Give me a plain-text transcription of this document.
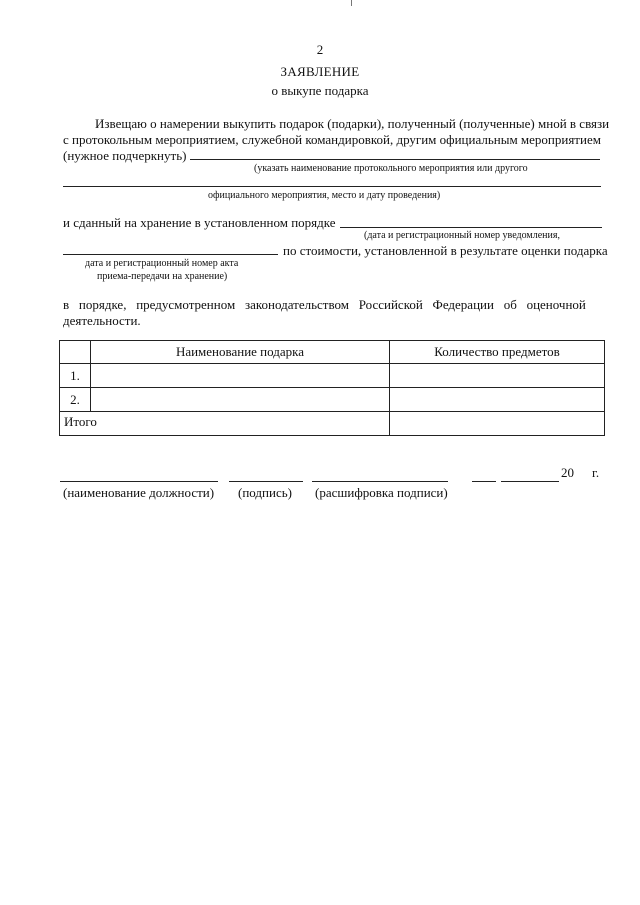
2
ЗАЯВЛЕНИЕ
о выкупе подарка
Извещаю о намерении выкупить подарок (подарки), полученный (полученные) мной в связи
с протокольным мероприятием, служебной командировкой, другим официальным мероприятием
(нужное подчеркнуть)
(указать наименование протокольного мероприятия или другого
официального мероприятия, место и дату проведения)
и сданный на хранение в установленном порядке
(дата и регистрационный номер уведомления,
по стоимости, установленной в результате оценки подарка
дата и регистрационный номер акта
приема-передачи на хранение)
в   порядке,   предусмотренном   законодательством   Российской   Федерации   об   оценочной
деятельности.
	Наименование подарка	Количество предметов
1.		
2.		
Итого		
20 г.
(наименование должности) (подпись) (расшифровка подписи)
